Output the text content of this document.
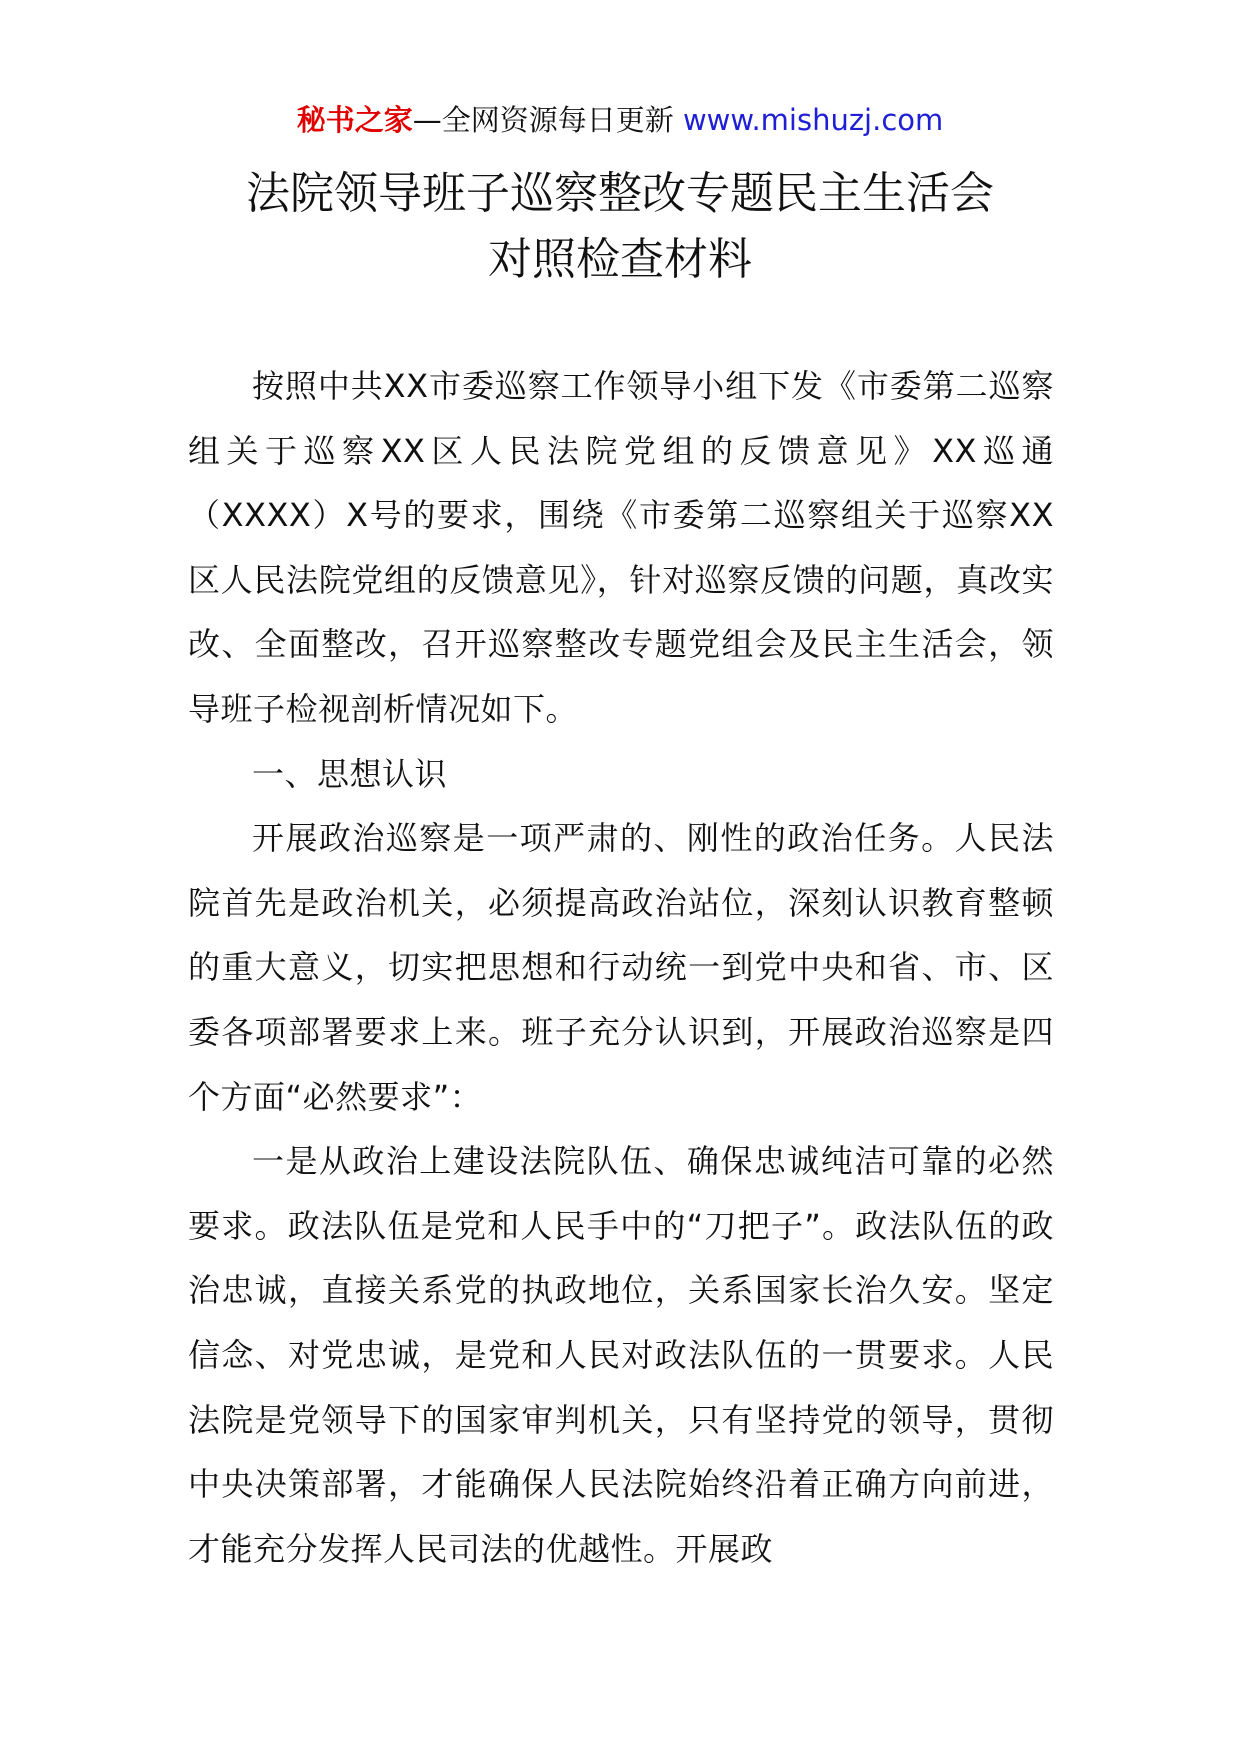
秘书之家—全网资源每日更新 www.mishuzj.com
法院领导班子巡察整改专题民主生活会
对照检查材料

按照中共XX市委巡察工作领导小组下发《市委第二巡察组关于巡察XX区人民法院党组的反馈意见》XX巡通（XXXX）X号的要求，围绕《市委第二巡察组关于巡察XX区人民法院党组的反馈意见》，针对巡察反馈的问题，真改实改、全面整改，召开巡察整改专题党组会及民主生活会，领导班子检视剖析情况如下。

一、思想认识

开展政治巡察是一项严肃的、刚性的政治任务。人民法院首先是政治机关，必须提高政治站位，深刻认识教育整顿的重大意义，切实把思想和行动统一到党中央和省、市、区委各项部署要求上来。班子充分认识到，开展政治巡察是四个方面“必然要求”：

一是从政治上建设法院队伍、确保忠诚纯洁可靠的必然要求。政法队伍是党和人民手中的“刀把子”。政法队伍的政治忠诚，直接关系党的执政地位，关系国家长治久安。坚定信念、对党忠诚，是党和人民对政法队伍的一贯要求。人民法院是党领导下的国家审判机关，只有坚持党的领导，贯彻中央决策部署，才能确保人民法院始终沿着正确方向前进，才能充分发挥人民司法的优越性。开展政
